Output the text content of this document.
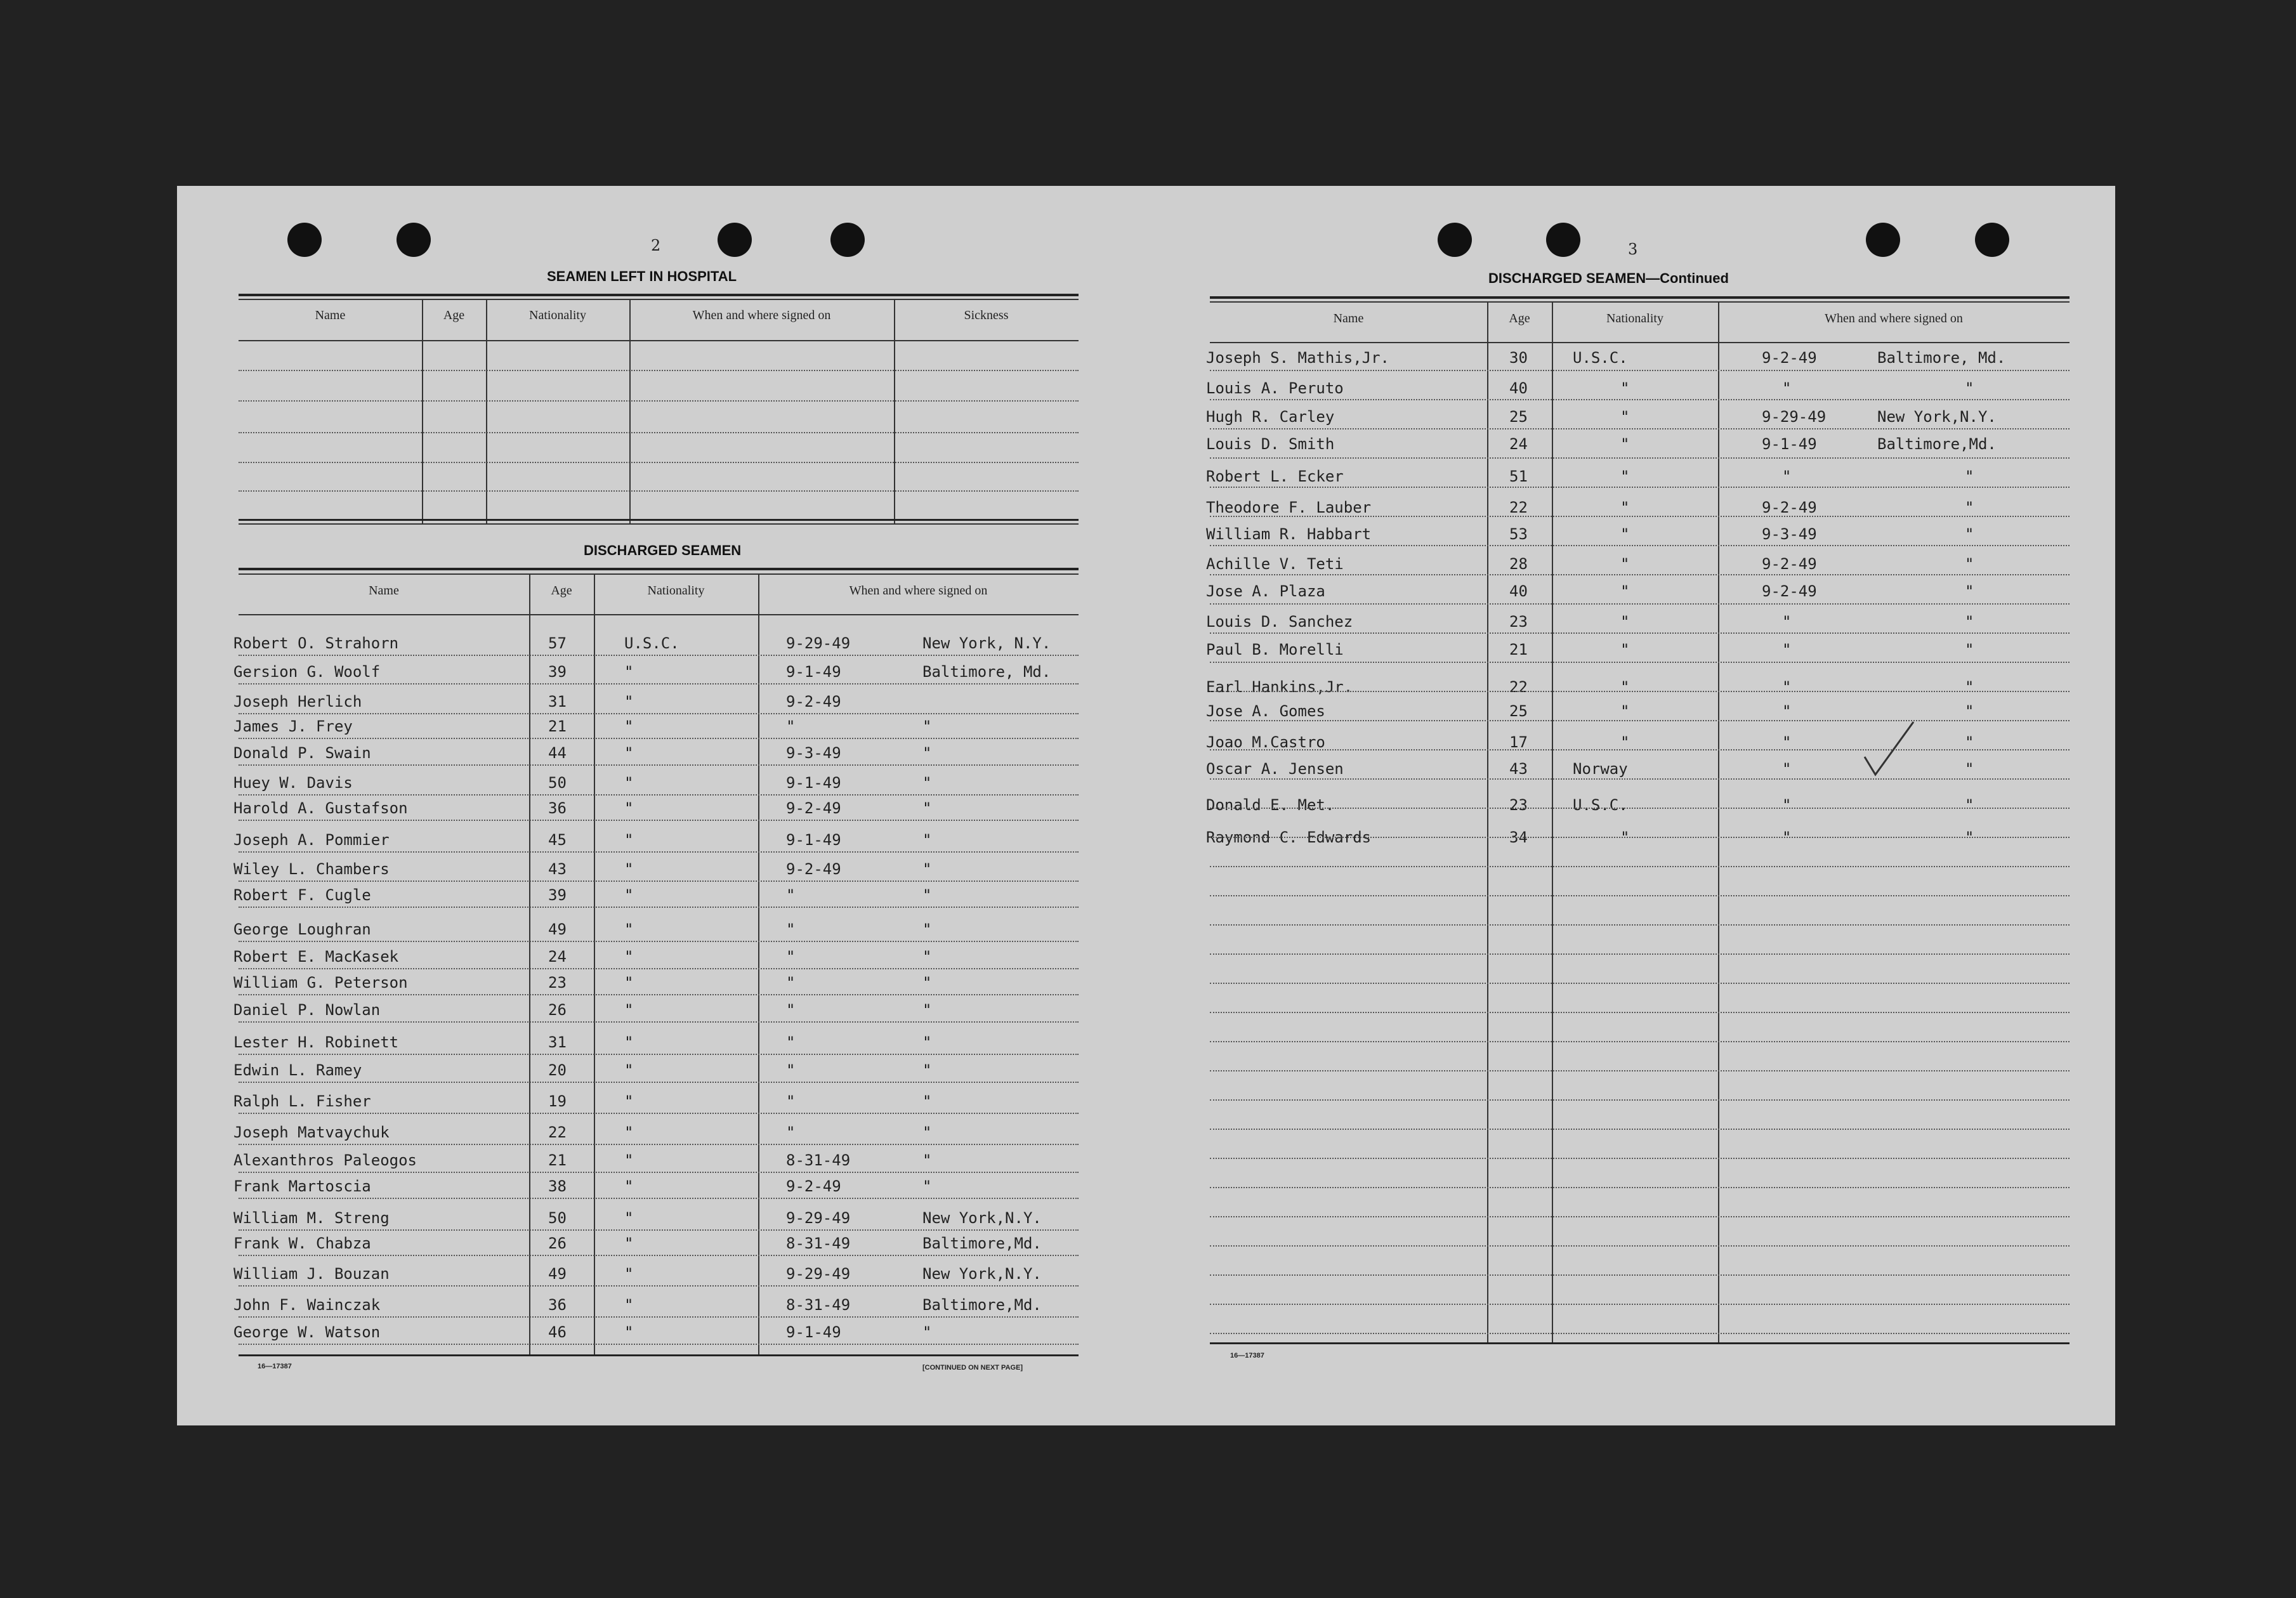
2
SEAMEN LEFT IN HOSPITAL
Name	Age	Nationality	When and where signed on	Sickness
DISCHARGED SEAMEN
Name	Age	Nationality	When and where signed on
Robert O. Strahorn	57	U.S.C.	9-29-49	New York, N.Y.
Gersion G. Woolf	39	"	9-1-49	Baltimore, Md.
Joseph Herlich	31	"	9-2-49
James J. Frey	21	"	"	"
Donald P. Swain	44	"	9-3-49	"
Huey W. Davis	50	"	9-1-49	"
Harold A. Gustafson	36	"	9-2-49	"
Joseph A. Pommier	45	"	9-1-49	"
Wiley L. Chambers	43	"	9-2-49	"
Robert F. Cugle	39	"	"	"
George Loughran	49	"	"	"
Robert E. MacKasek	24	"	"	"
William G. Peterson	23	"	"	"
Daniel P. Nowlan	26	"	"	"
Lester H. Robinett	31	"	"	"
Edwin L. Ramey	20	"	"	"
Ralph L. Fisher	19	"	"	"
Joseph Matvaychuk	22	"	"	"
Alexanthros Paleogos	21	"	8-31-49	"
Frank Martoscia	38	"	9-2-49	"
William M. Streng	50	"	9-29-49	New York,N.Y.
Frank W. Chabza	26	"	8-31-49	Baltimore,Md.
William J. Bouzan	49	"	9-29-49	New York,N.Y.
John F. Wainczak	36	"	8-31-49	Baltimore,Md.
George W. Watson	46	"	9-1-49	"
16—17387	[CONTINUED ON NEXT PAGE]
3
DISCHARGED SEAMEN—Continued
Name	Age	Nationality	When and where signed on
Joseph S. Mathis,Jr.	30	U.S.C.	9-2-49	Baltimore, Md.
Louis A. Peruto	40	"	"	"
Hugh R. Carley	25	"	9-29-49	New York,N.Y.
Louis D. Smith	24	"	9-1-49	Baltimore,Md.
Robert L. Ecker	51	"	"	"
Theodore F. Lauber	22	"	9-2-49	"
William R. Habbart	53	"	9-3-49	"
Achille V. Teti	28	"	9-2-49	"
Jose A. Plaza	40	"	9-2-49	"
Louis D. Sanchez	23	"	"	"
Paul B. Morelli	21	"	"	"
Earl Hankins,Jr.	22	"	"	"
Jose A. Gomes	25	"	"	"
Joao M.Castro	17	"	"	"
Oscar A. Jensen	43	Norway	"	"
Donald E. Met.	23	U.S.C.	"	"
Raymond C. Edwards	34	"	"	"
16—17387
